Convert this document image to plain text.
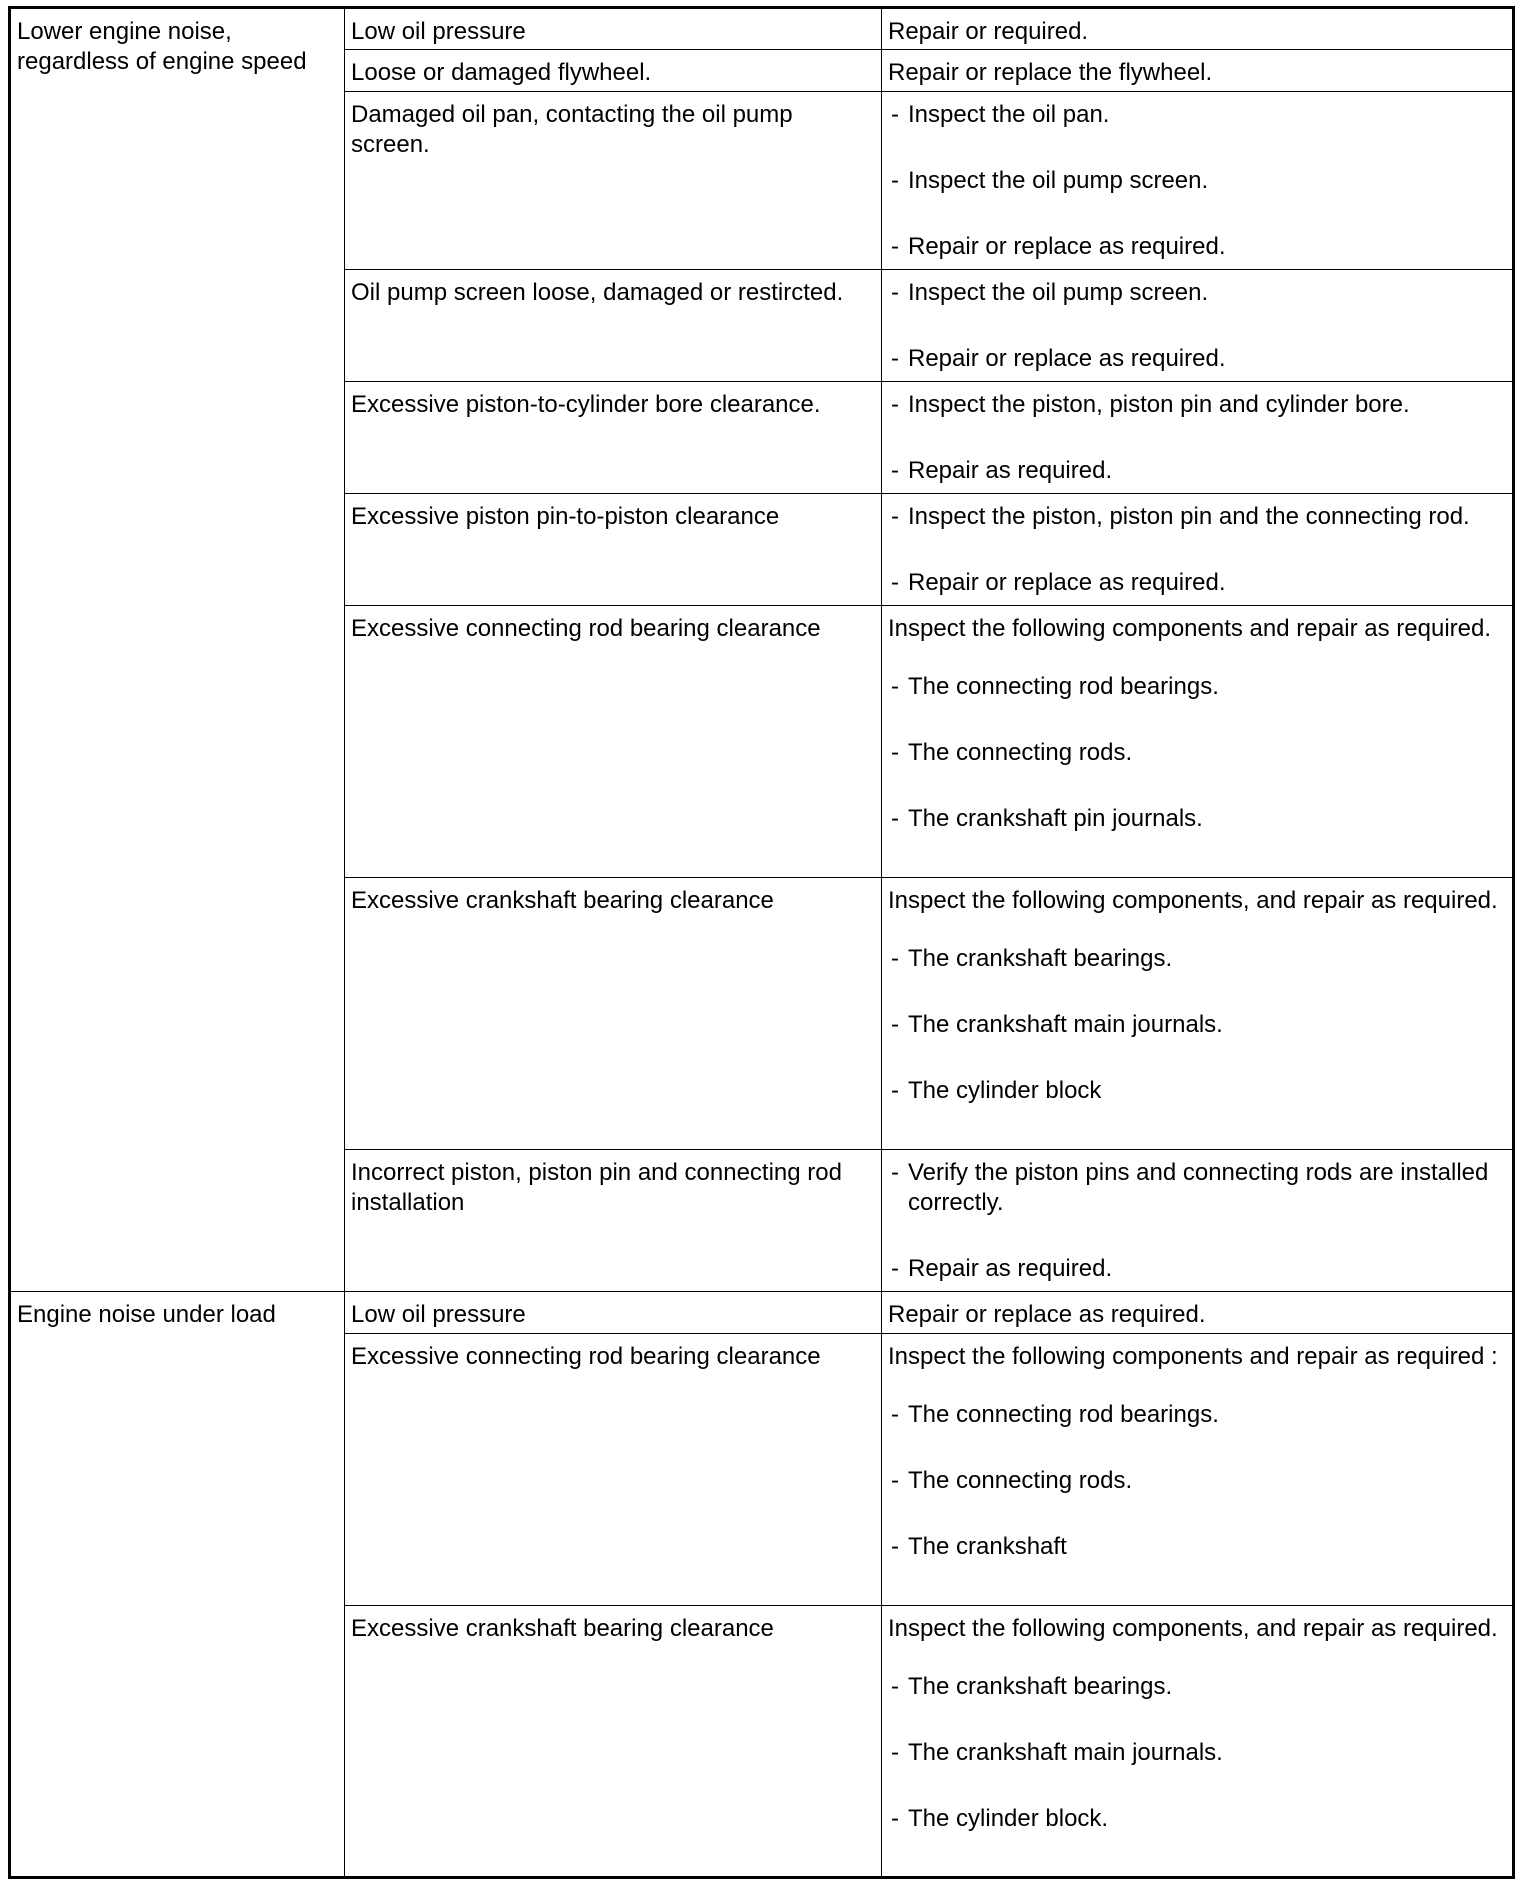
Lower engine noise, regardless of engine speed	Low oil pressure	Repair or required.

	Loose or damaged flywheel.	Repair or replace the flywheel.

	Damaged oil pan, contacting the oil pump screen.	- Inspect the oil pan.
- Inspect the oil pump screen.
- Repair or replace as required.

	Oil pump screen loose, damaged or restircted.	- Inspect the oil pump screen.
- Repair or replace as required.

	Excessive piston-to-cylinder bore clearance.	- Inspect the piston, piston pin and cylinder bore.
- Repair as required.

	Excessive piston pin-to-piston clearance	- Inspect the piston, piston pin and the connecting rod.
- Repair or replace as required.

	Excessive connecting rod bearing clearance	Inspect the following components and repair as required.
- The connecting rod bearings.
- The connecting rods.
- The crankshaft pin journals.

	Excessive crankshaft bearing clearance	Inspect the following components, and repair as required.
- The crankshaft bearings.
- The crankshaft main journals.
- The cylinder block

	Incorrect piston, piston pin and connecting rod installation	- Verify the piston pins and connecting rods are installed correctly.
- Repair as required.

Engine noise under load	Low oil pressure	Repair or replace as required.

	Excessive connecting rod bearing clearance	Inspect the following components and repair as required :
- The connecting rod bearings.
- The connecting rods.
- The crankshaft

	Excessive crankshaft bearing clearance	Inspect the following components, and repair as required.
- The crankshaft bearings.
- The crankshaft main journals.
- The cylinder block.
